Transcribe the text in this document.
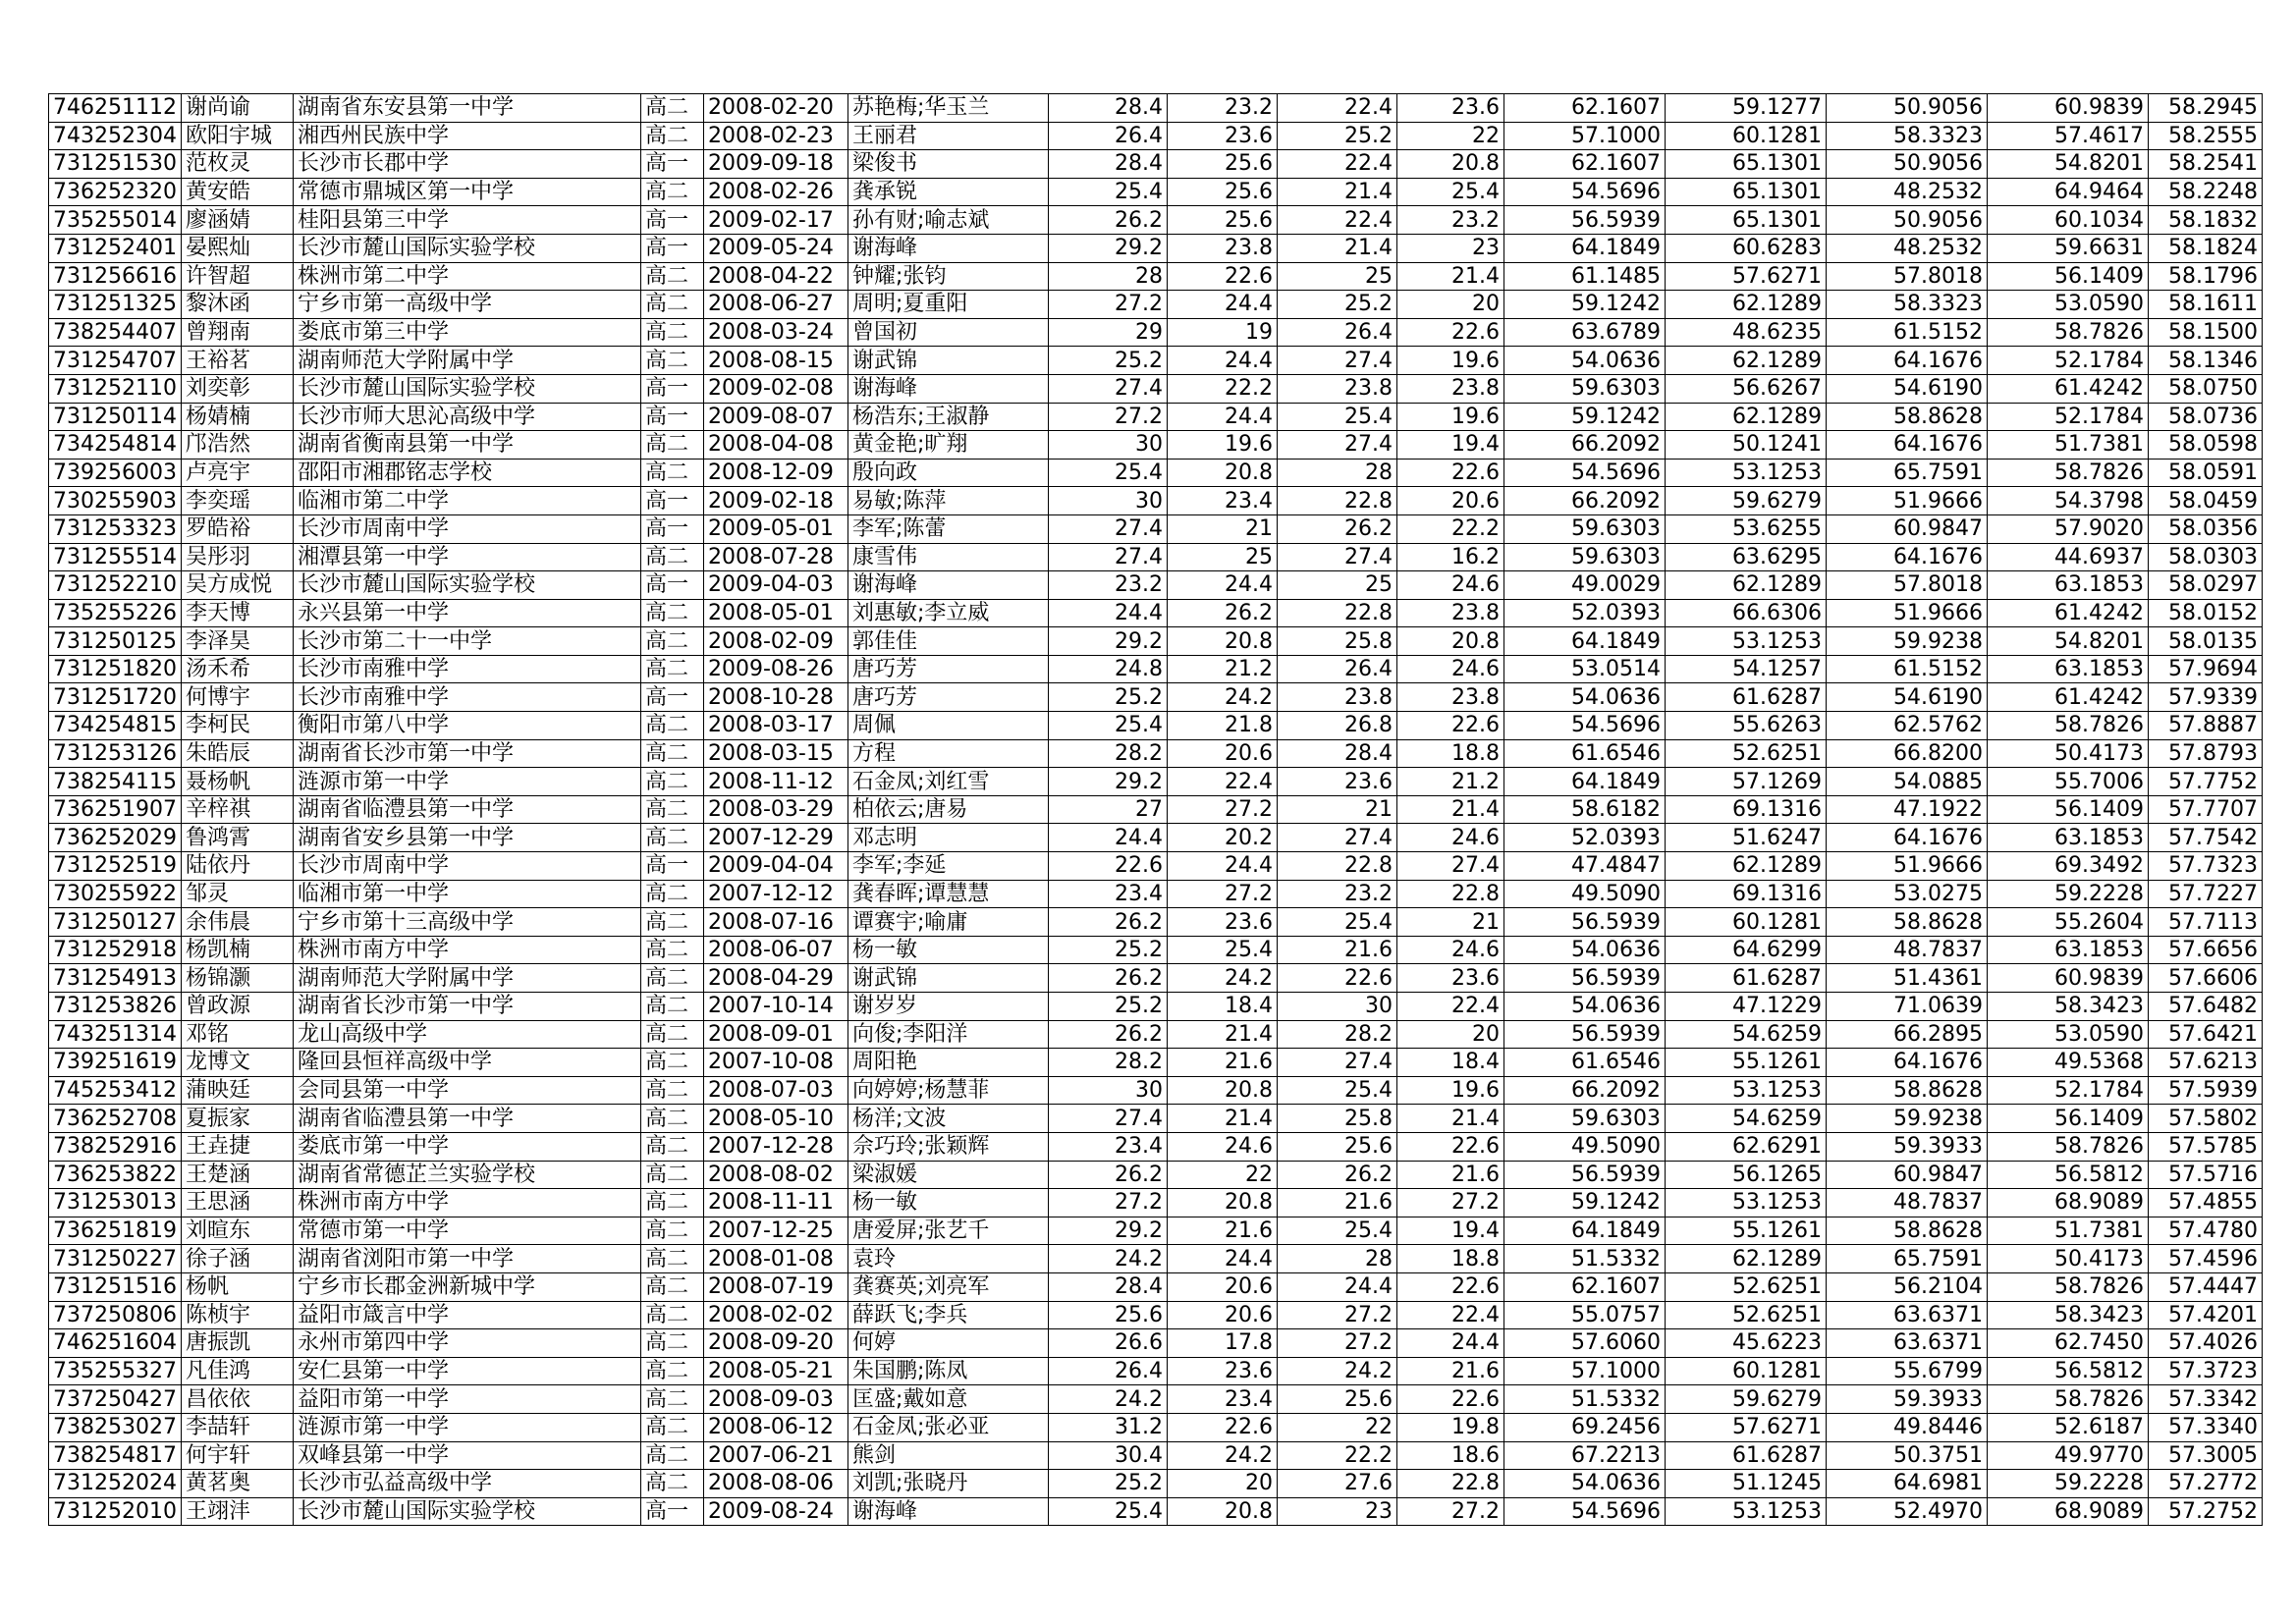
746251112	谢尚谕	湖南省东安县第一中学	高二	2008-02-20	苏艳梅;华玉兰	28.4	23.2	22.4	23.6	62.1607	59.1277	50.9056	60.9839	58.2945
743252304	欧阳宇城	湘西州民族中学	高二	2008-02-23	王丽君	26.4	23.6	25.2	22	57.1000	60.1281	58.3323	57.4617	58.2555
731251530	范枚灵	长沙市长郡中学	高一	2009-09-18	梁俊书	28.4	25.6	22.4	20.8	62.1607	65.1301	50.9056	54.8201	58.2541
736252320	黄安皓	常德市鼎城区第一中学	高二	2008-02-26	龚承锐	25.4	25.6	21.4	25.4	54.5696	65.1301	48.2532	64.9464	58.2248
735255014	廖涵婧	桂阳县第三中学	高一	2009-02-17	孙有财;喻志斌	26.2	25.6	22.4	23.2	56.5939	65.1301	50.9056	60.1034	58.1832
731252401	晏熙灿	长沙市麓山国际实验学校	高一	2009-05-24	谢海峰	29.2	23.8	21.4	23	64.1849	60.6283	48.2532	59.6631	58.1824
731256616	许智超	株洲市第二中学	高二	2008-04-22	钟耀;张钧	28	22.6	25	21.4	61.1485	57.6271	57.8018	56.1409	58.1796
731251325	黎沐函	宁乡市第一高级中学	高二	2008-06-27	周明;夏重阳	27.2	24.4	25.2	20	59.1242	62.1289	58.3323	53.0590	58.1611
738254407	曾翔南	娄底市第三中学	高二	2008-03-24	曾国初	29	19	26.4	22.6	63.6789	48.6235	61.5152	58.7826	58.1500
731254707	王裕茗	湖南师范大学附属中学	高二	2008-08-15	谢武锦	25.2	24.4	27.4	19.6	54.0636	62.1289	64.1676	52.1784	58.1346
731252110	刘奕彰	长沙市麓山国际实验学校	高一	2009-02-08	谢海峰	27.4	22.2	23.8	23.8	59.6303	56.6267	54.6190	61.4242	58.0750
731250114	杨婧楠	长沙市师大思沁高级中学	高一	2009-08-07	杨浩东;王淑静	27.2	24.4	25.4	19.6	59.1242	62.1289	58.8628	52.1784	58.0736
734254814	邝浩然	湖南省衡南县第一中学	高二	2008-04-08	黄金艳;旷翔	30	19.6	27.4	19.4	66.2092	50.1241	64.1676	51.7381	58.0598
739256003	卢亮宇	邵阳市湘郡铭志学校	高二	2008-12-09	殷向政	25.4	20.8	28	22.6	54.5696	53.1253	65.7591	58.7826	58.0591
730255903	李奕瑶	临湘市第二中学	高一	2009-02-18	易敏;陈萍	30	23.4	22.8	20.6	66.2092	59.6279	51.9666	54.3798	58.0459
731253323	罗皓裕	长沙市周南中学	高一	2009-05-01	李军;陈蕾	27.4	21	26.2	22.2	59.6303	53.6255	60.9847	57.9020	58.0356
731255514	吴彤羽	湘潭县第一中学	高二	2008-07-28	康雪伟	27.4	25	27.4	16.2	59.6303	63.6295	64.1676	44.6937	58.0303
731252210	吴方成悦	长沙市麓山国际实验学校	高一	2009-04-03	谢海峰	23.2	24.4	25	24.6	49.0029	62.1289	57.8018	63.1853	58.0297
735255226	李天博	永兴县第一中学	高二	2008-05-01	刘惠敏;李立威	24.4	26.2	22.8	23.8	52.0393	66.6306	51.9666	61.4242	58.0152
731250125	李泽昊	长沙市第二十一中学	高二	2008-02-09	郭佳佳	29.2	20.8	25.8	20.8	64.1849	53.1253	59.9238	54.8201	58.0135
731251820	汤禾希	长沙市南雅中学	高二	2009-08-26	唐巧芳	24.8	21.2	26.4	24.6	53.0514	54.1257	61.5152	63.1853	57.9694
731251720	何博宇	长沙市南雅中学	高一	2008-10-28	唐巧芳	25.2	24.2	23.8	23.8	54.0636	61.6287	54.6190	61.4242	57.9339
734254815	李柯民	衡阳市第八中学	高二	2008-03-17	周佩	25.4	21.8	26.8	22.6	54.5696	55.6263	62.5762	58.7826	57.8887
731253126	朱皓辰	湖南省长沙市第一中学	高二	2008-03-15	方程	28.2	20.6	28.4	18.8	61.6546	52.6251	66.8200	50.4173	57.8793
738254115	聂杨帆	涟源市第一中学	高二	2008-11-12	石金凤;刘红雪	29.2	22.4	23.6	21.2	64.1849	57.1269	54.0885	55.7006	57.7752
736251907	辛梓祺	湖南省临澧县第一中学	高二	2008-03-29	柏依云;唐易	27	27.2	21	21.4	58.6182	69.1316	47.1922	56.1409	57.7707
736252029	鲁鸿霄	湖南省安乡县第一中学	高二	2007-12-29	邓志明	24.4	20.2	27.4	24.6	52.0393	51.6247	64.1676	63.1853	57.7542
731252519	陆依丹	长沙市周南中学	高一	2009-04-04	李军;李延	22.6	24.4	22.8	27.4	47.4847	62.1289	51.9666	69.3492	57.7323
730255922	邹灵	临湘市第一中学	高二	2007-12-12	龚春晖;谭慧慧	23.4	27.2	23.2	22.8	49.5090	69.1316	53.0275	59.2228	57.7227
731250127	余伟晨	宁乡市第十三高级中学	高二	2008-07-16	谭赛宇;喻庸	26.2	23.6	25.4	21	56.5939	60.1281	58.8628	55.2604	57.7113
731252918	杨凯楠	株洲市南方中学	高二	2008-06-07	杨一敏	25.2	25.4	21.6	24.6	54.0636	64.6299	48.7837	63.1853	57.6656
731254913	杨锦灏	湖南师范大学附属中学	高二	2008-04-29	谢武锦	26.2	24.2	22.6	23.6	56.5939	61.6287	51.4361	60.9839	57.6606
731253826	曾政源	湖南省长沙市第一中学	高二	2007-10-14	谢岁岁	25.2	18.4	30	22.4	54.0636	47.1229	71.0639	58.3423	57.6482
743251314	邓铭	龙山高级中学	高二	2008-09-01	向俊;李阳洋	26.2	21.4	28.2	20	56.5939	54.6259	66.2895	53.0590	57.6421
739251619	龙博文	隆回县恒祥高级中学	高二	2007-10-08	周阳艳	28.2	21.6	27.4	18.4	61.6546	55.1261	64.1676	49.5368	57.6213
745253412	蒲映廷	会同县第一中学	高二	2008-07-03	向婷婷;杨慧菲	30	20.8	25.4	19.6	66.2092	53.1253	58.8628	52.1784	57.5939
736252708	夏振家	湖南省临澧县第一中学	高二	2008-05-10	杨洋;文波	27.4	21.4	25.8	21.4	59.6303	54.6259	59.9238	56.1409	57.5802
738252916	王垚捷	娄底市第一中学	高二	2007-12-28	佘巧玲;张颖辉	23.4	24.6	25.6	22.6	49.5090	62.6291	59.3933	58.7826	57.5785
736253822	王楚涵	湖南省常德芷兰实验学校	高二	2008-08-02	梁淑媛	26.2	22	26.2	21.6	56.5939	56.1265	60.9847	56.5812	57.5716
731253013	王思涵	株洲市南方中学	高二	2008-11-11	杨一敏	27.2	20.8	21.6	27.2	59.1242	53.1253	48.7837	68.9089	57.4855
736251819	刘暄东	常德市第一中学	高二	2007-12-25	唐爱屏;张艺千	29.2	21.6	25.4	19.4	64.1849	55.1261	58.8628	51.7381	57.4780
731250227	徐子涵	湖南省浏阳市第一中学	高二	2008-01-08	袁玲	24.2	24.4	28	18.8	51.5332	62.1289	65.7591	50.4173	57.4596
731251516	杨帆	宁乡市长郡金洲新城中学	高二	2008-07-19	龚赛英;刘亮军	28.4	20.6	24.4	22.6	62.1607	52.6251	56.2104	58.7826	57.4447
737250806	陈桢宇	益阳市箴言中学	高二	2008-02-02	薛跃飞;李兵	25.6	20.6	27.2	22.4	55.0757	52.6251	63.6371	58.3423	57.4201
746251604	唐振凯	永州市第四中学	高二	2008-09-20	何婷	26.6	17.8	27.2	24.4	57.6060	45.6223	63.6371	62.7450	57.4026
735255327	凡佳鸿	安仁县第一中学	高二	2008-05-21	朱国鹏;陈凤	26.4	23.6	24.2	21.6	57.1000	60.1281	55.6799	56.5812	57.3723
737250427	昌依依	益阳市第一中学	高二	2008-09-03	匡盛;戴如意	24.2	23.4	25.6	22.6	51.5332	59.6279	59.3933	58.7826	57.3342
738253027	李喆轩	涟源市第一中学	高二	2008-06-12	石金凤;张必亚	31.2	22.6	22	19.8	69.2456	57.6271	49.8446	52.6187	57.3340
738254817	何宇轩	双峰县第一中学	高二	2007-06-21	熊剑	30.4	24.2	22.2	18.6	67.2213	61.6287	50.3751	49.9770	57.3005
731252024	黄茗奥	长沙市弘益高级中学	高二	2008-08-06	刘凯;张晓丹	25.2	20	27.6	22.8	54.0636	51.1245	64.6981	59.2228	57.2772
731252010	王翊沣	长沙市麓山国际实验学校	高一	2009-08-24	谢海峰	25.4	20.8	23	27.2	54.5696	53.1253	52.4970	68.9089	57.2752
